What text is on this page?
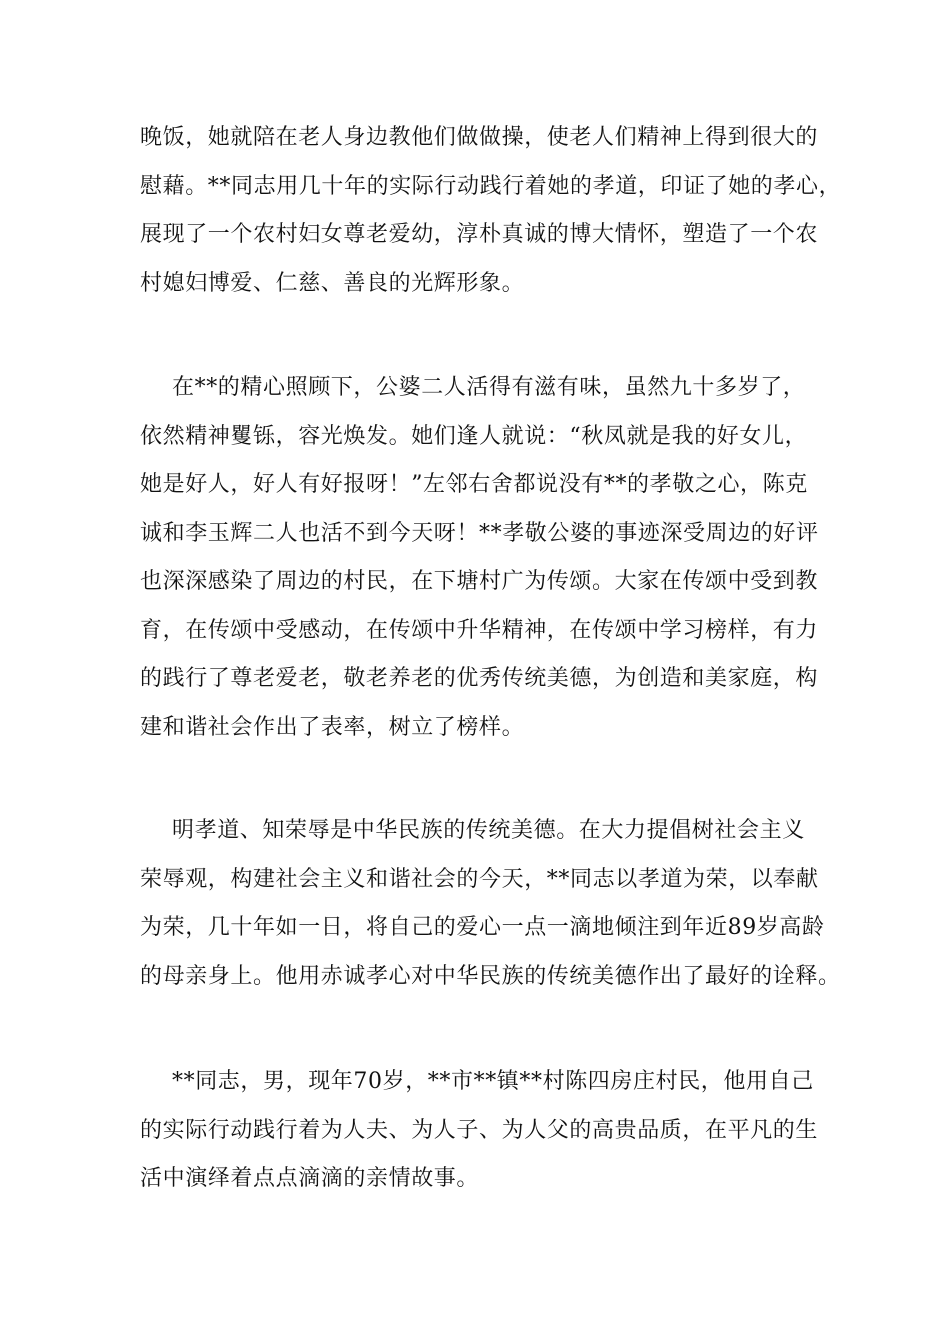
晚饭，她就陪在老人身边教他们做做操，使老人们精神上得到很大的
慰藉。**同志用几十年的实际行动践行着她的孝道，印证了她的孝心，
展现了一个农村妇女尊老爱幼，淳朴真诚的博大情怀，塑造了一个农
村媳妇博爱、仁慈、善良的光辉形象。
在**的精心照顾下，公婆二人活得有滋有味，虽然九十多岁了，
依然精神矍铄，容光焕发。她们逢人就说：“秋凤就是我的好女儿，
她是好人，好人有好报呀！”左邻右舍都说没有**的孝敬之心，陈克
诚和李玉辉二人也活不到今天呀！**孝敬公婆的事迹深受周边的好评
也深深感染了周边的村民，在下塘村广为传颂。大家在传颂中受到教
育，在传颂中受感动，在传颂中升华精神，在传颂中学习榜样，有力
的践行了尊老爱老，敬老养老的优秀传统美德，为创造和美家庭，构
建和谐社会作出了表率，树立了榜样。
明孝道、知荣辱是中华民族的传统美德。在大力提倡树社会主义
荣辱观，构建社会主义和谐社会的今天，**同志以孝道为荣，以奉献
为荣，几十年如一日，将自己的爱心一点一滴地倾注到年近89岁高龄
的母亲身上。他用赤诚孝心对中华民族的传统美德作出了最好的诠释。
**同志，男，现年70岁，**市**镇**村陈四房庄村民，他用自己
的实际行动践行着为人夫、为人子、为人父的高贵品质，在平凡的生
活中演绎着点点滴滴的亲情故事。
